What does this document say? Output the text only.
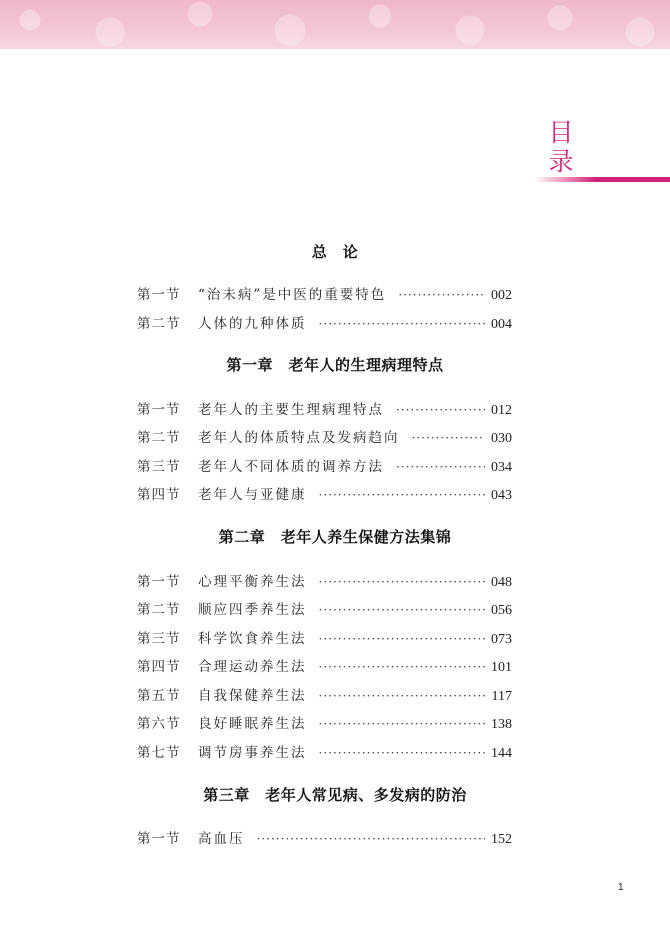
目
录
总　论
第一节	“治未病”是中医的重要特色 ·····	002
第二节	人体的九种体质 ·····	004
第一章　老年人的生理病理特点
第一节	老年人的主要生理病理特点 ·····	012
第二节	老年人的体质特点及发病趋向 ·····	030
第三节	老年人不同体质的调养方法 ·····	034
第四节	老年人与亚健康 ·····	043
第二章　老年人养生保健方法集锦
第一节	心理平衡养生法 ·····	048
第二节	顺应四季养生法 ·····	056
第三节	科学饮食养生法 ·····	073
第四节	合理运动养生法 ·····	101
第五节	自我保健养生法 ·····	117
第六节	良好睡眠养生法 ·····	138
第七节	调节房事养生法 ·····	144
第三章　老年人常见病、多发病的防治
第一节	高血压 ·····	152
1
